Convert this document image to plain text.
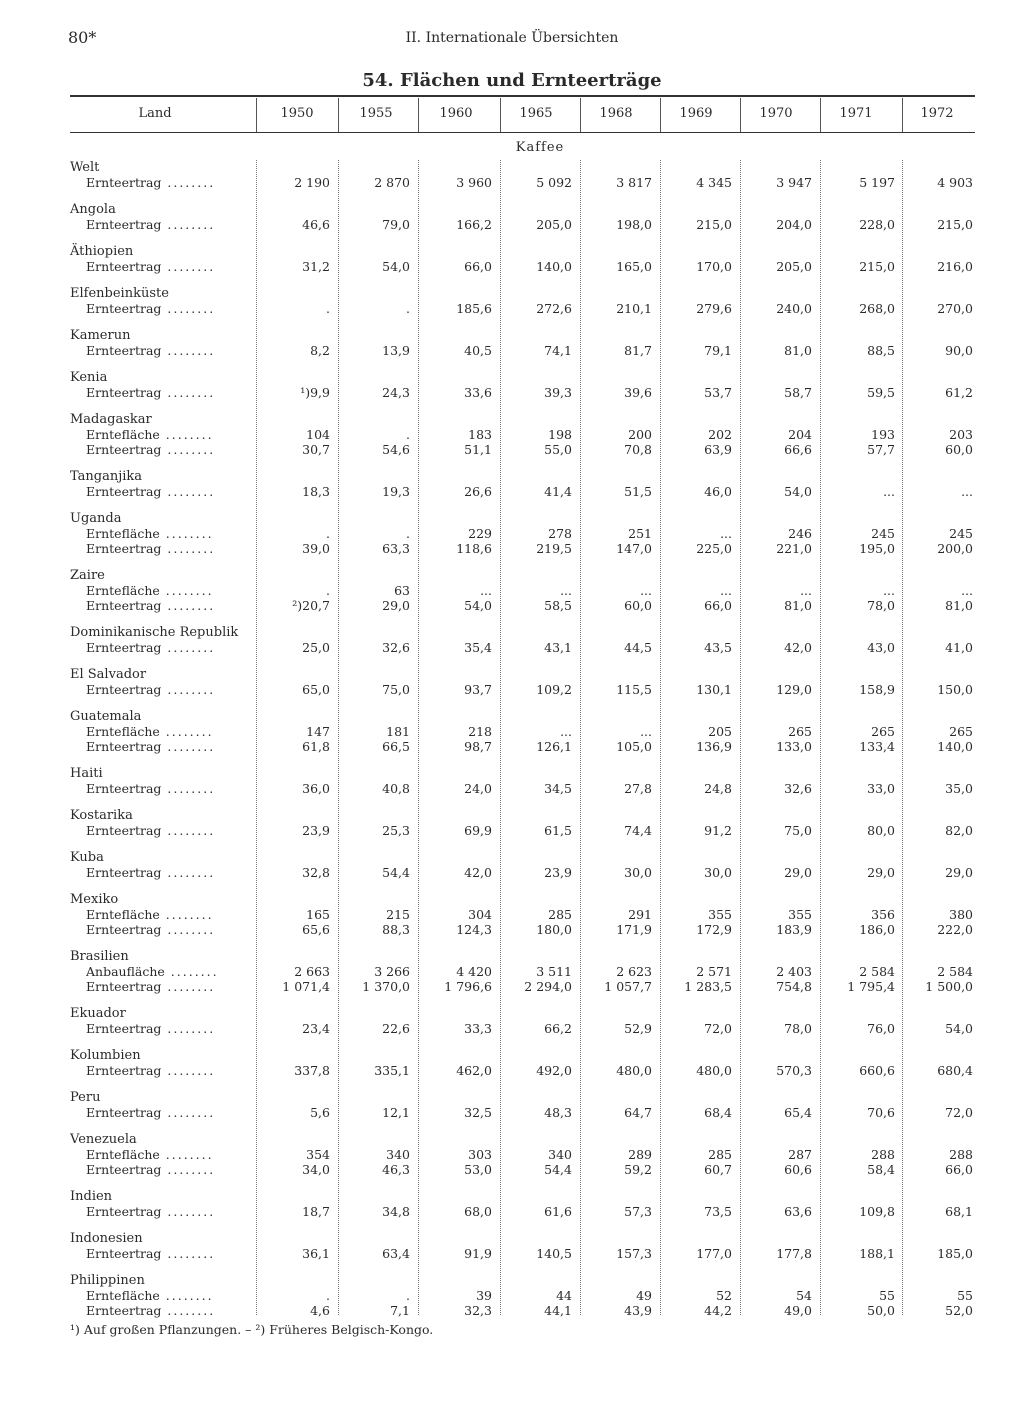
80*	II. Internationale Übersichten
54. Flächen und Ernteerträge
Land	1950	1955	1960	1965	1968	1969	1970	1971	1972
Kaffee
Welt
Ernteertrag ........	2 190	2 870	3 960	5 092	3 817	4 345	3 947	5 197	4 903
Angola
Ernteertrag ........	46,6	79,0	166,2	205,0	198,0	215,0	204,0	228,0	215,0
Äthiopien
Ernteertrag ........	31,2	54,0	66,0	140,0	165,0	170,0	205,0	215,0	216,0
Elfenbeinküste
Ernteertrag ........	.	.	185,6	272,6	210,1	279,6	240,0	268,0	270,0
Kamerun
Ernteertrag ........	8,2	13,9	40,5	74,1	81,7	79,1	81,0	88,5	90,0
Kenia
Ernteertrag ........	¹)9,9	24,3	33,6	39,3	39,6	53,7	58,7	59,5	61,2
Madagaskar
Erntefläche ........	104	.	183	198	200	202	204	193	203
Ernteertrag ........	30,7	54,6	51,1	55,0	70,8	63,9	66,6	57,7	60,0
Tanganjika
Ernteertrag ........	18,3	19,3	26,6	41,4	51,5	46,0	54,0	...	...
Uganda
Erntefläche ........	.	.	229	278	251	...	246	245	245
Ernteertrag ........	39,0	63,3	118,6	219,5	147,0	225,0	221,0	195,0	200,0
Zaire
Erntefläche ........	.	63	...	...	...	...	...	...	...
Ernteertrag ........	²)20,7	29,0	54,0	58,5	60,0	66,0	81,0	78,0	81,0
Dominikanische Republik
Ernteertrag ........	25,0	32,6	35,4	43,1	44,5	43,5	42,0	43,0	41,0
El Salvador
Ernteertrag ........	65,0	75,0	93,7	109,2	115,5	130,1	129,0	158,9	150,0
Guatemala
Erntefläche ........	147	181	218	...	...	205	265	265	265
Ernteertrag ........	61,8	66,5	98,7	126,1	105,0	136,9	133,0	133,4	140,0
Haiti
Ernteertrag ........	36,0	40,8	24,0	34,5	27,8	24,8	32,6	33,0	35,0
Kostarika
Ernteertrag ........	23,9	25,3	69,9	61,5	74,4	91,2	75,0	80,0	82,0
Kuba
Ernteertrag ........	32,8	54,4	42,0	23,9	30,0	30,0	29,0	29,0	29,0
Mexiko
Erntefläche ........	165	215	304	285	291	355	355	356	380
Ernteertrag ........	65,6	88,3	124,3	180,0	171,9	172,9	183,9	186,0	222,0
Brasilien
Anbaufläche ........	2 663	3 266	4 420	3 511	2 623	2 571	2 403	2 584	2 584
Ernteertrag ........	1 071,4	1 370,0	1 796,6	2 294,0	1 057,7	1 283,5	754,8	1 795,4	1 500,0
Ekuador
Ernteertrag ........	23,4	22,6	33,3	66,2	52,9	72,0	78,0	76,0	54,0
Kolumbien
Ernteertrag ........	337,8	335,1	462,0	492,0	480,0	480,0	570,3	660,6	680,4
Peru
Ernteertrag ........	5,6	12,1	32,5	48,3	64,7	68,4	65,4	70,6	72,0
Venezuela
Erntefläche ........	354	340	303	340	289	285	287	288	288
Ernteertrag ........	34,0	46,3	53,0	54,4	59,2	60,7	60,6	58,4	66,0
Indien
Ernteertrag ........	18,7	34,8	68,0	61,6	57,3	73,5	63,6	109,8	68,1
Indonesien
Ernteertrag ........	36,1	63,4	91,9	140,5	157,3	177,0	177,8	188,1	185,0
Philippinen
Erntefläche ........	.	.	39	44	49	52	54	55	55
Ernteertrag ........	4,6	7,1	32,3	44,1	43,9	44,2	49,0	50,0	52,0
¹) Auf großen Pflanzungen. – ²) Früheres Belgisch-Kongo.
